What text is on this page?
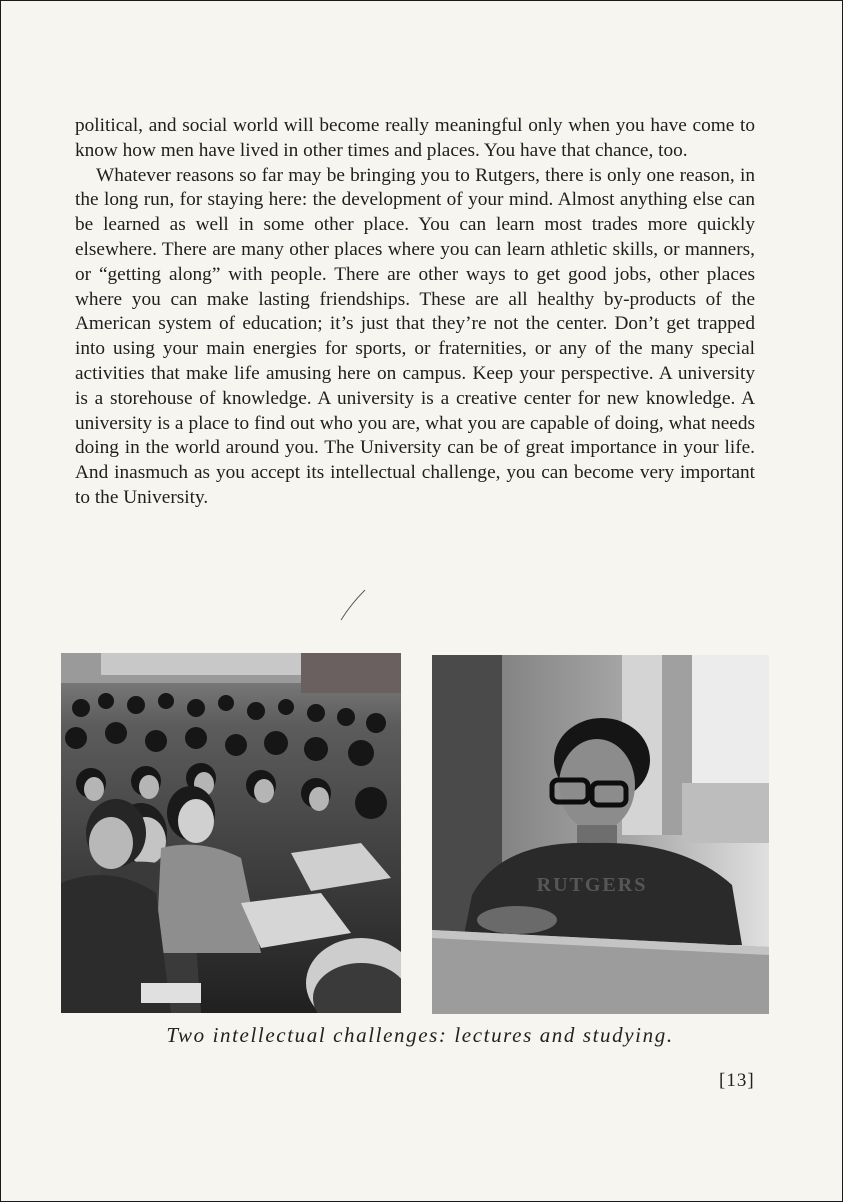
political, and social world will become really meaningful only when you have come to know how men have lived in other times and places. You have that chance, too.

Whatever reasons so far may be bringing you to Rutgers, there is only one reason, in the long run, for staying here: the development of your mind. Almost anything else can be learned as well in some other place. You can learn most trades more quickly elsewhere. There are many other places where you can learn athletic skills, or manners, or “getting along” with people. There are other ways to get good jobs, other places where you can make lasting friendships. These are all healthy by-products of the American system of education; it’s just that they’re not the center. Don’t get trapped into using your main energies for sports, or fraternities, or any of the many special activities that make life amusing here on campus. Keep your perspective. A university is a storehouse of knowledge. A university is a creative center for new knowledge. A university is a place to find out who you are, what you are capable of doing, what needs doing in the world around you. The University can be of great importance in your life. And inasmuch as you accept its intellectual challenge, you can become very important to the University.

RUTGERS
Two intellectual challenges: lectures and studying.
[13]
